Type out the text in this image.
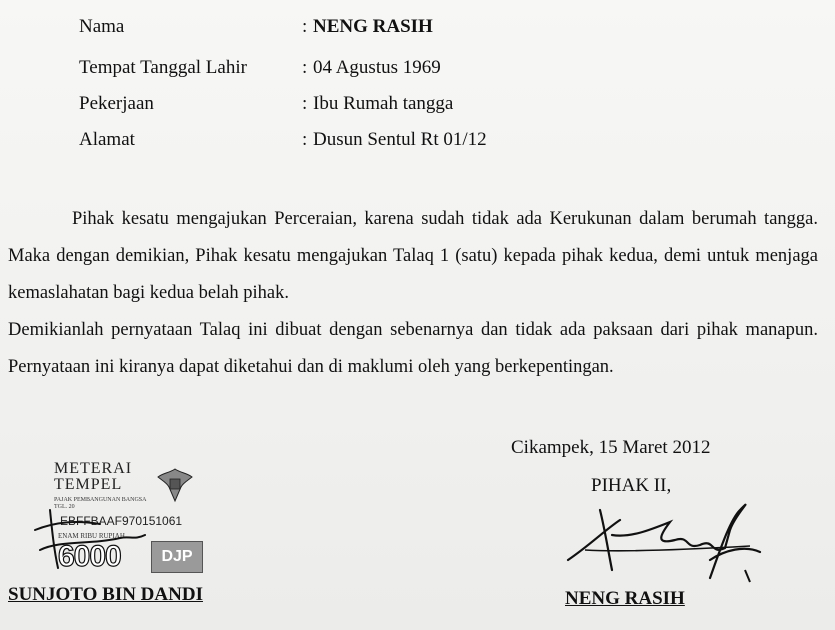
Nama	: NENG RASIH
Tempat Tanggal Lahir	: 04 Agustus 1969
Pekerjaan	: Ibu Rumah tangga
Alamat	: Dusun Sentul Rt 01/12
Pihak kesatu mengajukan Perceraian, karena sudah tidak ada Kerukunan dalam berumah tangga. Maka dengan demikian, Pihak kesatu mengajukan Talaq 1 (satu) kepada pihak kedua, demi untuk menjaga kemaslahatan bagi kedua belah pihak.
Demikianlah pernyataan Talaq ini dibuat dengan sebenarnya dan tidak ada paksaan dari pihak manapun. Pernyataan ini kiranya dapat diketahui dan di maklumi oleh yang berkepentingan.
Cikampek, 15 Maret 2012
PIHAK II,
NENG RASIH
METERAI
TEMPEL
PAJAK PEMBANGUNAN BANGSA
TGL. 20
EBFFBAAF970151061
ENAM RIBU RUPIAH
6000	DJP
SUNJOTO BIN DANDI
